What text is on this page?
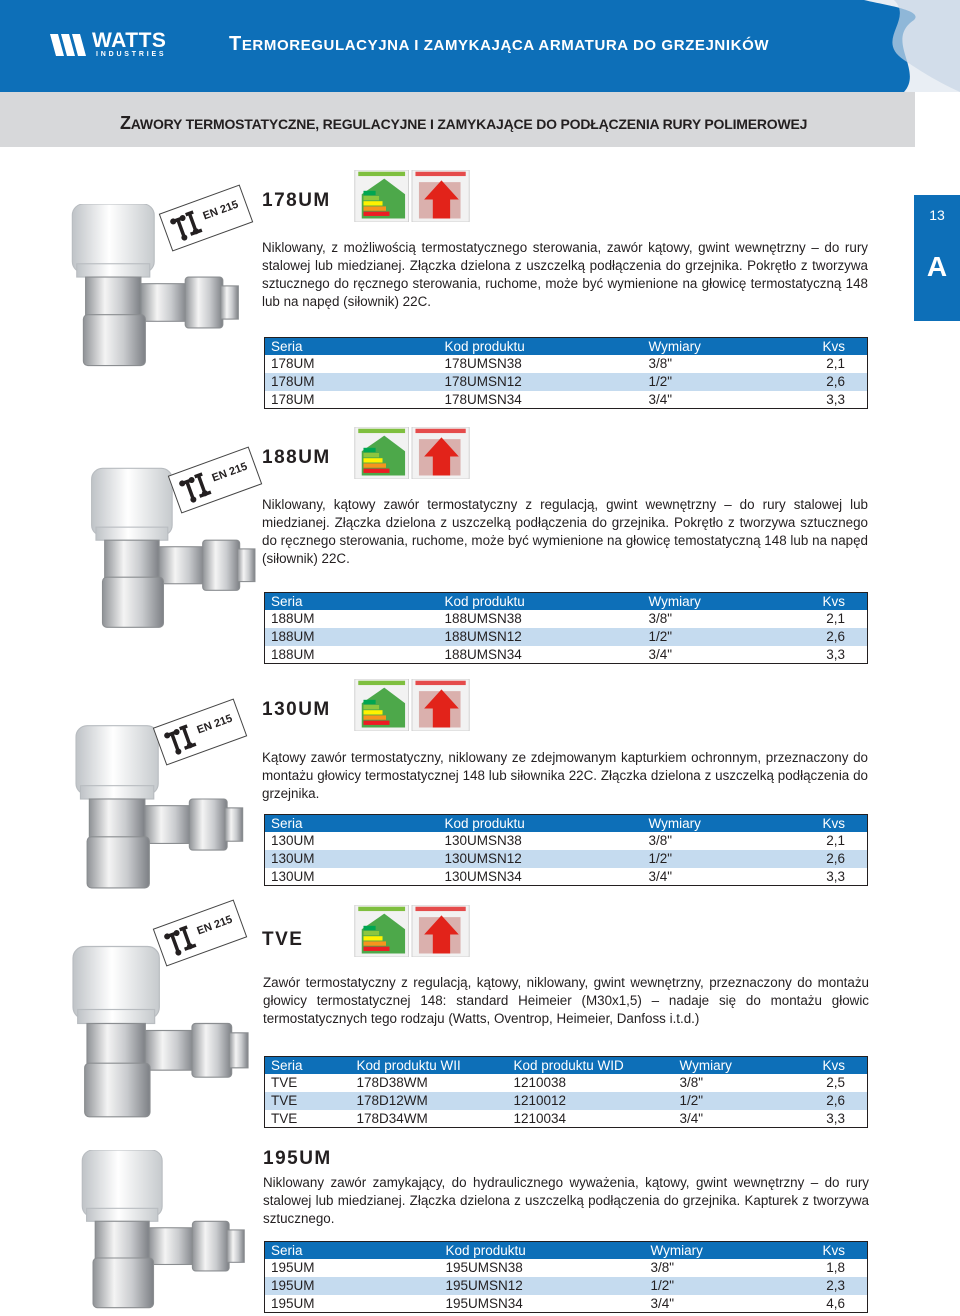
WATTS
INDUSTRIES	TERMOREGULACYJNA I ZAMYKAJĄCA ARMATURA DO GRZEJNIKÓW
ZAWORY TERMOSTATYCZNE, REGULACYJNE I ZAMYKAJĄCE DO PODŁĄCZENIA RURY POLIMEROWEJ
13
A
EN 215 178UM
Niklowany, z możliwością termostatycznego sterowania, zawór kątowy, gwint wewnętrzny – do rury stalowej lub miedzianej. Złączka dzielona z uszczelką podłączenia do grzejnika. Pokrętło z tworzywa sztucznego do ręcznego sterowania, ruchome, może być wymienione na głowicę termostatyczną 148 lub na napęd (siłownik) 22C.
Seria	Kod produktu	Wymiary	Kvs
178UM	178UMSN38	3/8"	2,1
178UM	178UMSN12	1/2"	2,6
178UM	178UMSN34	3/4"	3,3
EN 215
188UM
Niklowany, kątowy zawór termostatyczny z regulacją, gwint wewnętrzny – do rury stalowej lub miedzianej. Złączka dzielona z uszczelką podłączenia do grzejnika. Pokrętło z tworzywa sztucznego do ręcznego sterowania, ruchome, może być wymienione na głowicę temostatyczną 148 lub na napęd (siłownik) 22C.
Seria	Kod produktu	Wymiary	Kvs
188UM	188UMSN38	3/8"	2,1
188UM	188UMSN12	1/2"	2,6
188UM	188UMSN34	3/4"	3,3
EN 215
130UM
Kątowy zawór termostatyczny, niklowany ze zdejmowanym kapturkiem ochronnym, przeznaczony do montażu głowicy termostatycznej 148 lub siłownika 22C. Złączka dzielona z uszczelką podłączenia do grzejnika.
Seria	Kod produktu	Wymiary	Kvs
130UM	130UMSN38	3/8"	2,1
130UM	130UMSN12	1/2"	2,6
130UM	130UMSN34	3/4"	3,3
EN 215
TVE
Zawór termostatyczny z regulacją, kątowy, niklowany, gwint wewnętrzny, przeznaczony do montażu głowicy termostatycznej 148: standard Heimeier (M30x1,5) – nadaje się do montażu głowic termostatycznych tego rodzaju (Watts, Oventrop, Heimeier, Danfoss i.t.d.)
Seria	Kod produktu WII	Kod produktu WID	Wymiary	Kvs
TVE	178D38WM	1210038	3/8"	2,5
TVE	178D12WM	1210012	1/2"	2,6
TVE	178D34WM	1210034	3/4"	3,3
195UM
Niklowany zawór zamykający, do hydraulicznego wyważenia, kątowy, gwint wewnętrzny – do rury stalowej lub miedzianej. Złączka dzielona z uszczelką podłączenia do grzejnika. Kapturek z tworzywa sztucznego.
Seria	Kod produktu	Wymiary	Kvs
195UM	195UMSN38	3/8"	1,8
195UM	195UMSN12	1/2"	2,3
195UM	195UMSN34	3/4"	4,6
